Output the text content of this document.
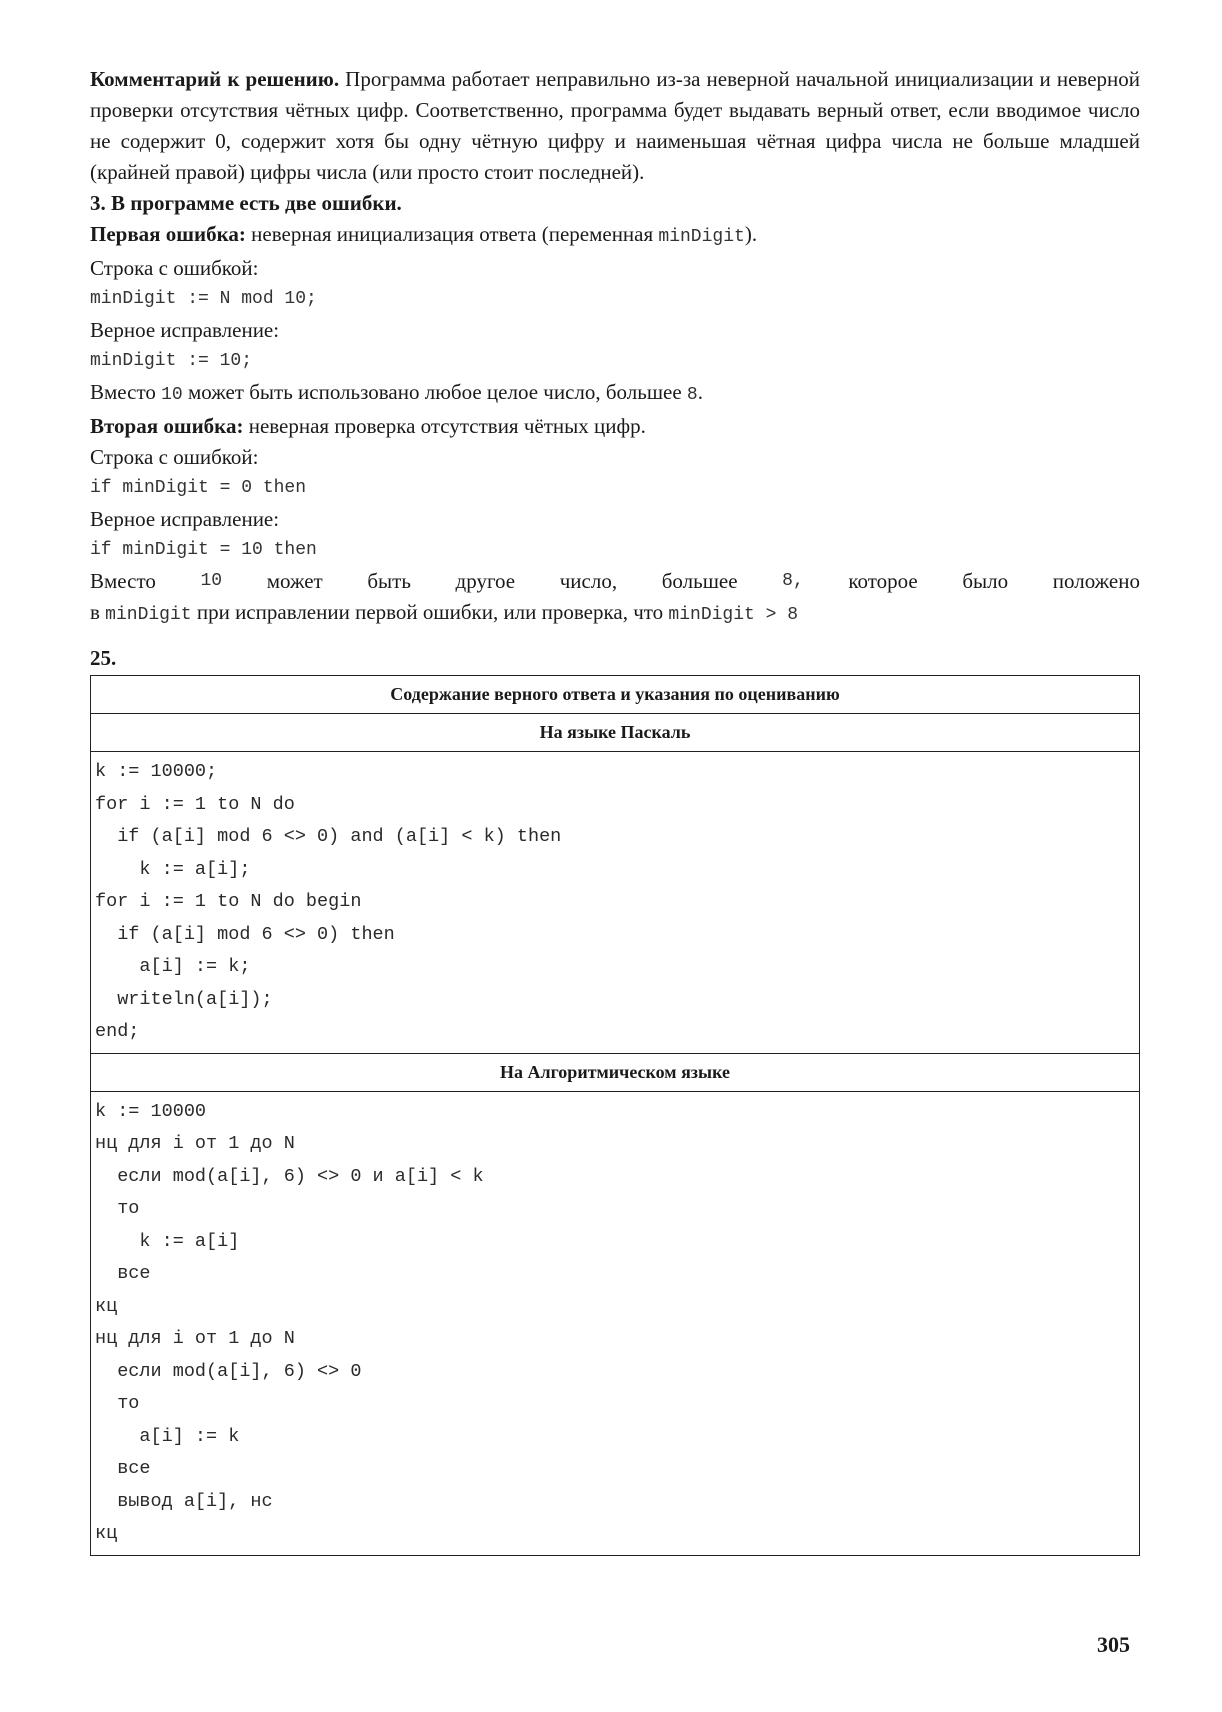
Комментарий к решению. Программа работает неправильно из-за неверной начальной инициализации и неверной проверки отсутствия чётных цифр. Соответственно, программа будет выдавать верный ответ, если вводимое число не содержит 0, содержит хотя бы одну чётную цифру и наименьшая чётная цифра числа не больше младшей (крайней правой) цифры числа (или просто стоит последней).

3. В программе есть две ошибки.

Первая ошибка: неверная инициализация ответа (переменная minDigit).

Строка с ошибкой:

minDigit := N mod 10;

Верное исправление:

minDigit := 10;

Вместо 10 может быть использовано любое целое число, большее 8.

Вторая ошибка: неверная проверка отсутствия чётных цифр.

Строка с ошибкой:

if minDigit = 0 then

Верное исправление:

if minDigit = 10 then

Вместо 10 может быть другое число, большее 8, которое было положено

в minDigit при исправлении первой ошибки, или проверка, что minDigit > 8

25.
Содержание верного ответа и указания по оцениванию
На языке Паскаль

k := 10000;
for i := 1 to N do
if (a[i] mod 6 <> 0) and (a[i] < k) then
k := a[i];
for i := 1 to N do begin
if (a[i] mod 6 <> 0) then
a[i] := k;
writeln(a[i]);
end;

На Алгоритмическом языке

k := 10000
нц для i от 1 до N
если mod(a[i], 6) <> 0 и a[i] < k
то
k := a[i]
все
кц
нц для i от 1 до N
если mod(a[i], 6) <> 0
то
a[i] := k
все
вывод a[i], нс
кц
305
